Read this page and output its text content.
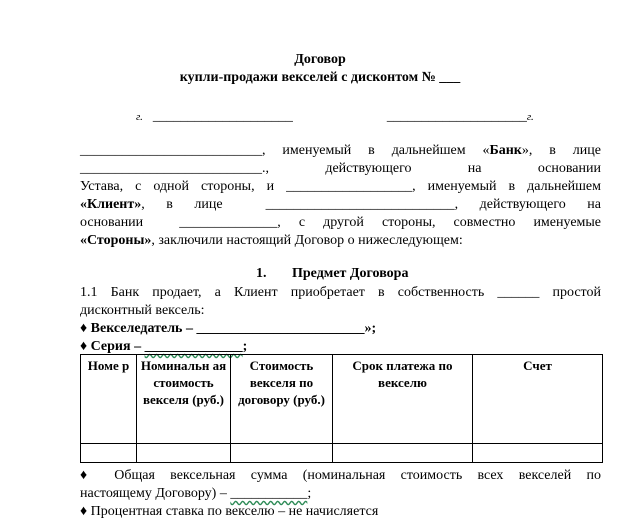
Договор
купли-продажи векселей с дисконтом № ___
г. ____________________	____________________г.
__________________________, именуемый в дальнейшем «Банк», в лице
__________________________., действующего на основании
Устава, с одной стороны, и __________________, именуемый в дальнейшем
«Клиент», в лице	___________________________, действующего на
основании	______________, с другой стороны, совместно именуемые
«Стороны», заключили настоящий Договор о нижеследующем:
1. Предмет Договора
1.1 Банк продает, а Клиент приобретает в собственность ______ простой
дисконтный вексель:
♦ Векселедатель – ________________________»;
♦ Серия – ______________;
Номе р	Номинальн ая стоимость векселя (руб.)	Стоимость векселя по договору (руб.)	Срок платежа по векселю	Счет

♦ Общая вексельная сумма (номинальная стоимость всех векселей по
настоящему Договору) – ___________;
♦ Процентная ставка по векселю – не начисляется
